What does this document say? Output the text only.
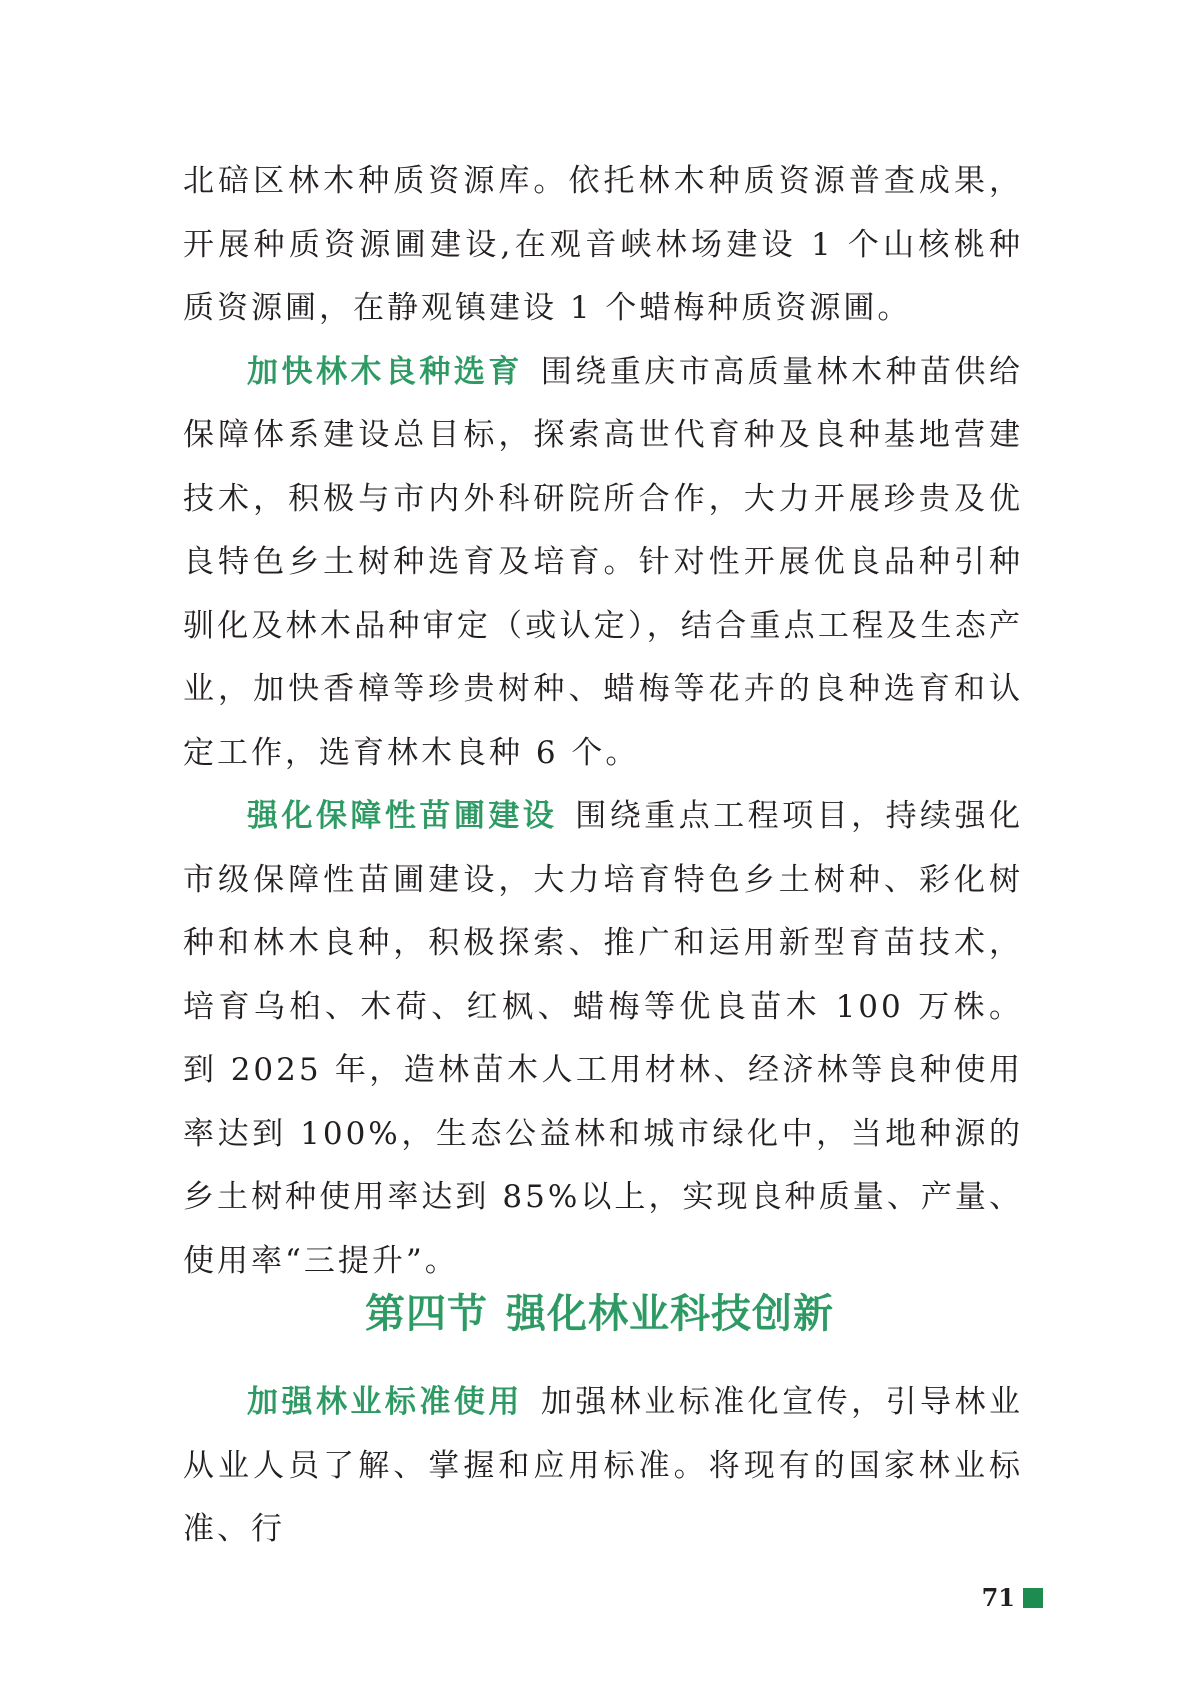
北碚区林木种质资源库。依托林木种质资源普查成果，开展种质资源圃建设,在观音峡林场建设 1 个山核桃种质资源圃，在静观镇建设 1 个蜡梅种质资源圃。

加快林木良种选育 围绕重庆市高质量林木种苗供给保障体系建设总目标，探索高世代育种及良种基地营建技术，积极与市内外科研院所合作，大力开展珍贵及优良特色乡土树种选育及培育。针对性开展优良品种引种驯化及林木品种审定（或认定），结合重点工程及生态产业，加快香樟等珍贵树种、蜡梅等花卉的良种选育和认定工作，选育林木良种 6 个。

强化保障性苗圃建设 围绕重点工程项目，持续强化市级保障性苗圃建设，大力培育特色乡土树种、彩化树种和林木良种，积极探索、推广和运用新型育苗技术，培育乌桕、木荷、红枫、蜡梅等优良苗木 100 万株。到 2025 年，造林苗木人工用材林、经济林等良种使用率达到 100%，生态公益林和城市绿化中，当地种源的乡土树种使用率达到 85%以上，实现良种质量、产量、使用率“三提升”。

第四节 强化林业科技创新

加强林业标准使用 加强林业标准化宣传，引导林业从业人员了解、掌握和应用标准。将现有的国家林业标准、行

71
